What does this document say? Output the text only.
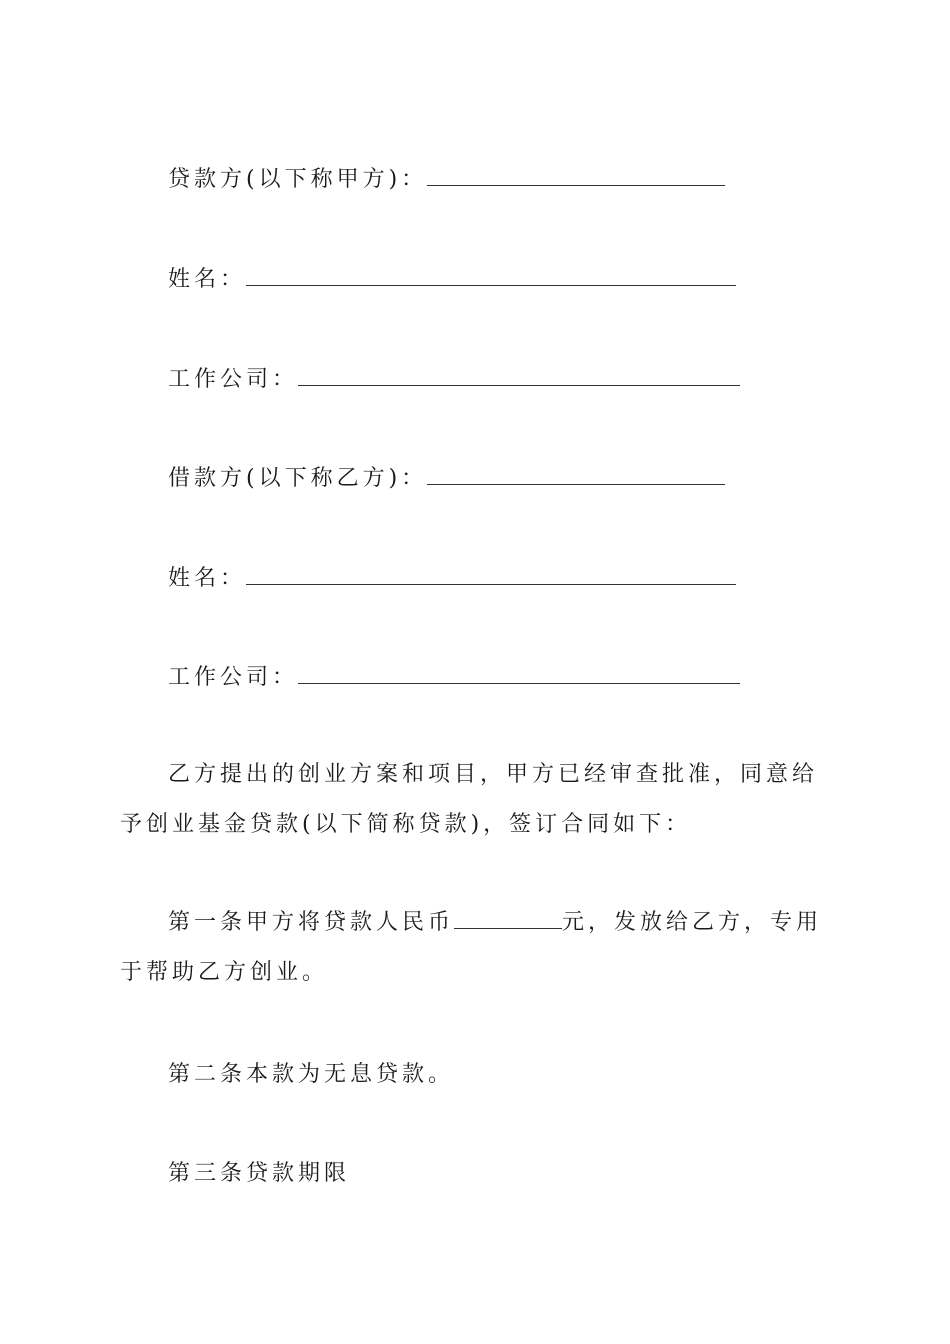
贷款方(以下称甲方)：
姓名：
工作公司：
借款方(以下称乙方)：
姓名：
工作公司：

乙方提出的创业方案和项目，甲方已经审查批准，同意给予创业基金贷款(以下简称贷款)，签订合同如下：

第一条甲方将贷款人民币	元，发放给乙方，专用于帮助乙方创业。

第二条本款为无息贷款。

第三条贷款期限
